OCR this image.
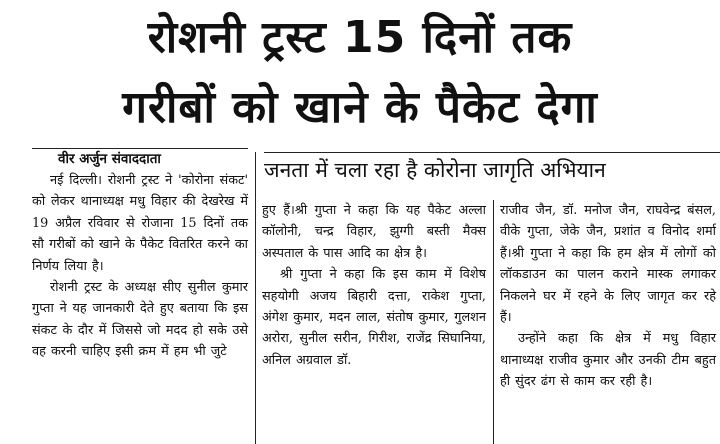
रोशनी ट्रस्ट 15 दिनों तक
गरीबों को खाने के पैकेट देगा
वीर अर्जुन संवाददाता	जनता में चला रहा है कोरोना जागृति अभियान

नई दिल्ली। रोशनी ट्रस्ट ने 'कोरोना संकट' को लेकर थानाध्यक्ष मधु विहार की देखरेख में 19 अप्रैल रविवार से रोजाना 15 दिनों तक सौ गरीबों को खाने के पैकेट वितरित करने का निर्णय लिया है।

रोशनी ट्रस्ट के अध्यक्ष सीए सुनील कुमार गुप्ता ने यह जानकारी देते हुए बताया कि इस संकट के दौर में जिससे जो मदद हो सके उसे वह करनी चाहिए इसी क्रम में हम भी जुटे

हुए हैं।श्री गुप्ता ने कहा कि यह पैकेट अल्ला कॉलोनी, चन्द्र विहार, झुग्गी बस्ती मैक्स अस्पताल के पास आदि का क्षेत्र है।

श्री गुप्ता ने कहा कि इस काम में विशेष सहयोगी अजय बिहारी दत्ता, राकेश गुप्ता, अंगेश कुमार, मदन लाल, संतोष कुमार, गुलशन अरोरा, सुनील सरीन, गिरीश, राजेंद्र सिघानिया, अनिल अग्रवाल डॉ.

राजीव जैन, डॉ. मनोज जैन, राघवेन्द्र बंसल, वीके गुप्ता, जेके जैन, प्रशांत व विनोद शर्मा हैं।श्री गुप्ता ने कहा कि हम क्षेत्र में लोगों को लॉकडाउन का पालन कराने मास्क लगाकर निकलने घर में रहने के लिए जागृत कर रहे हैं।

उन्होंने कहा कि क्षेत्र में मधु विहार थानाध्यक्ष राजीव कुमार और उनकी टीम बहुत ही सुंदर ढंग से काम कर रही है।
